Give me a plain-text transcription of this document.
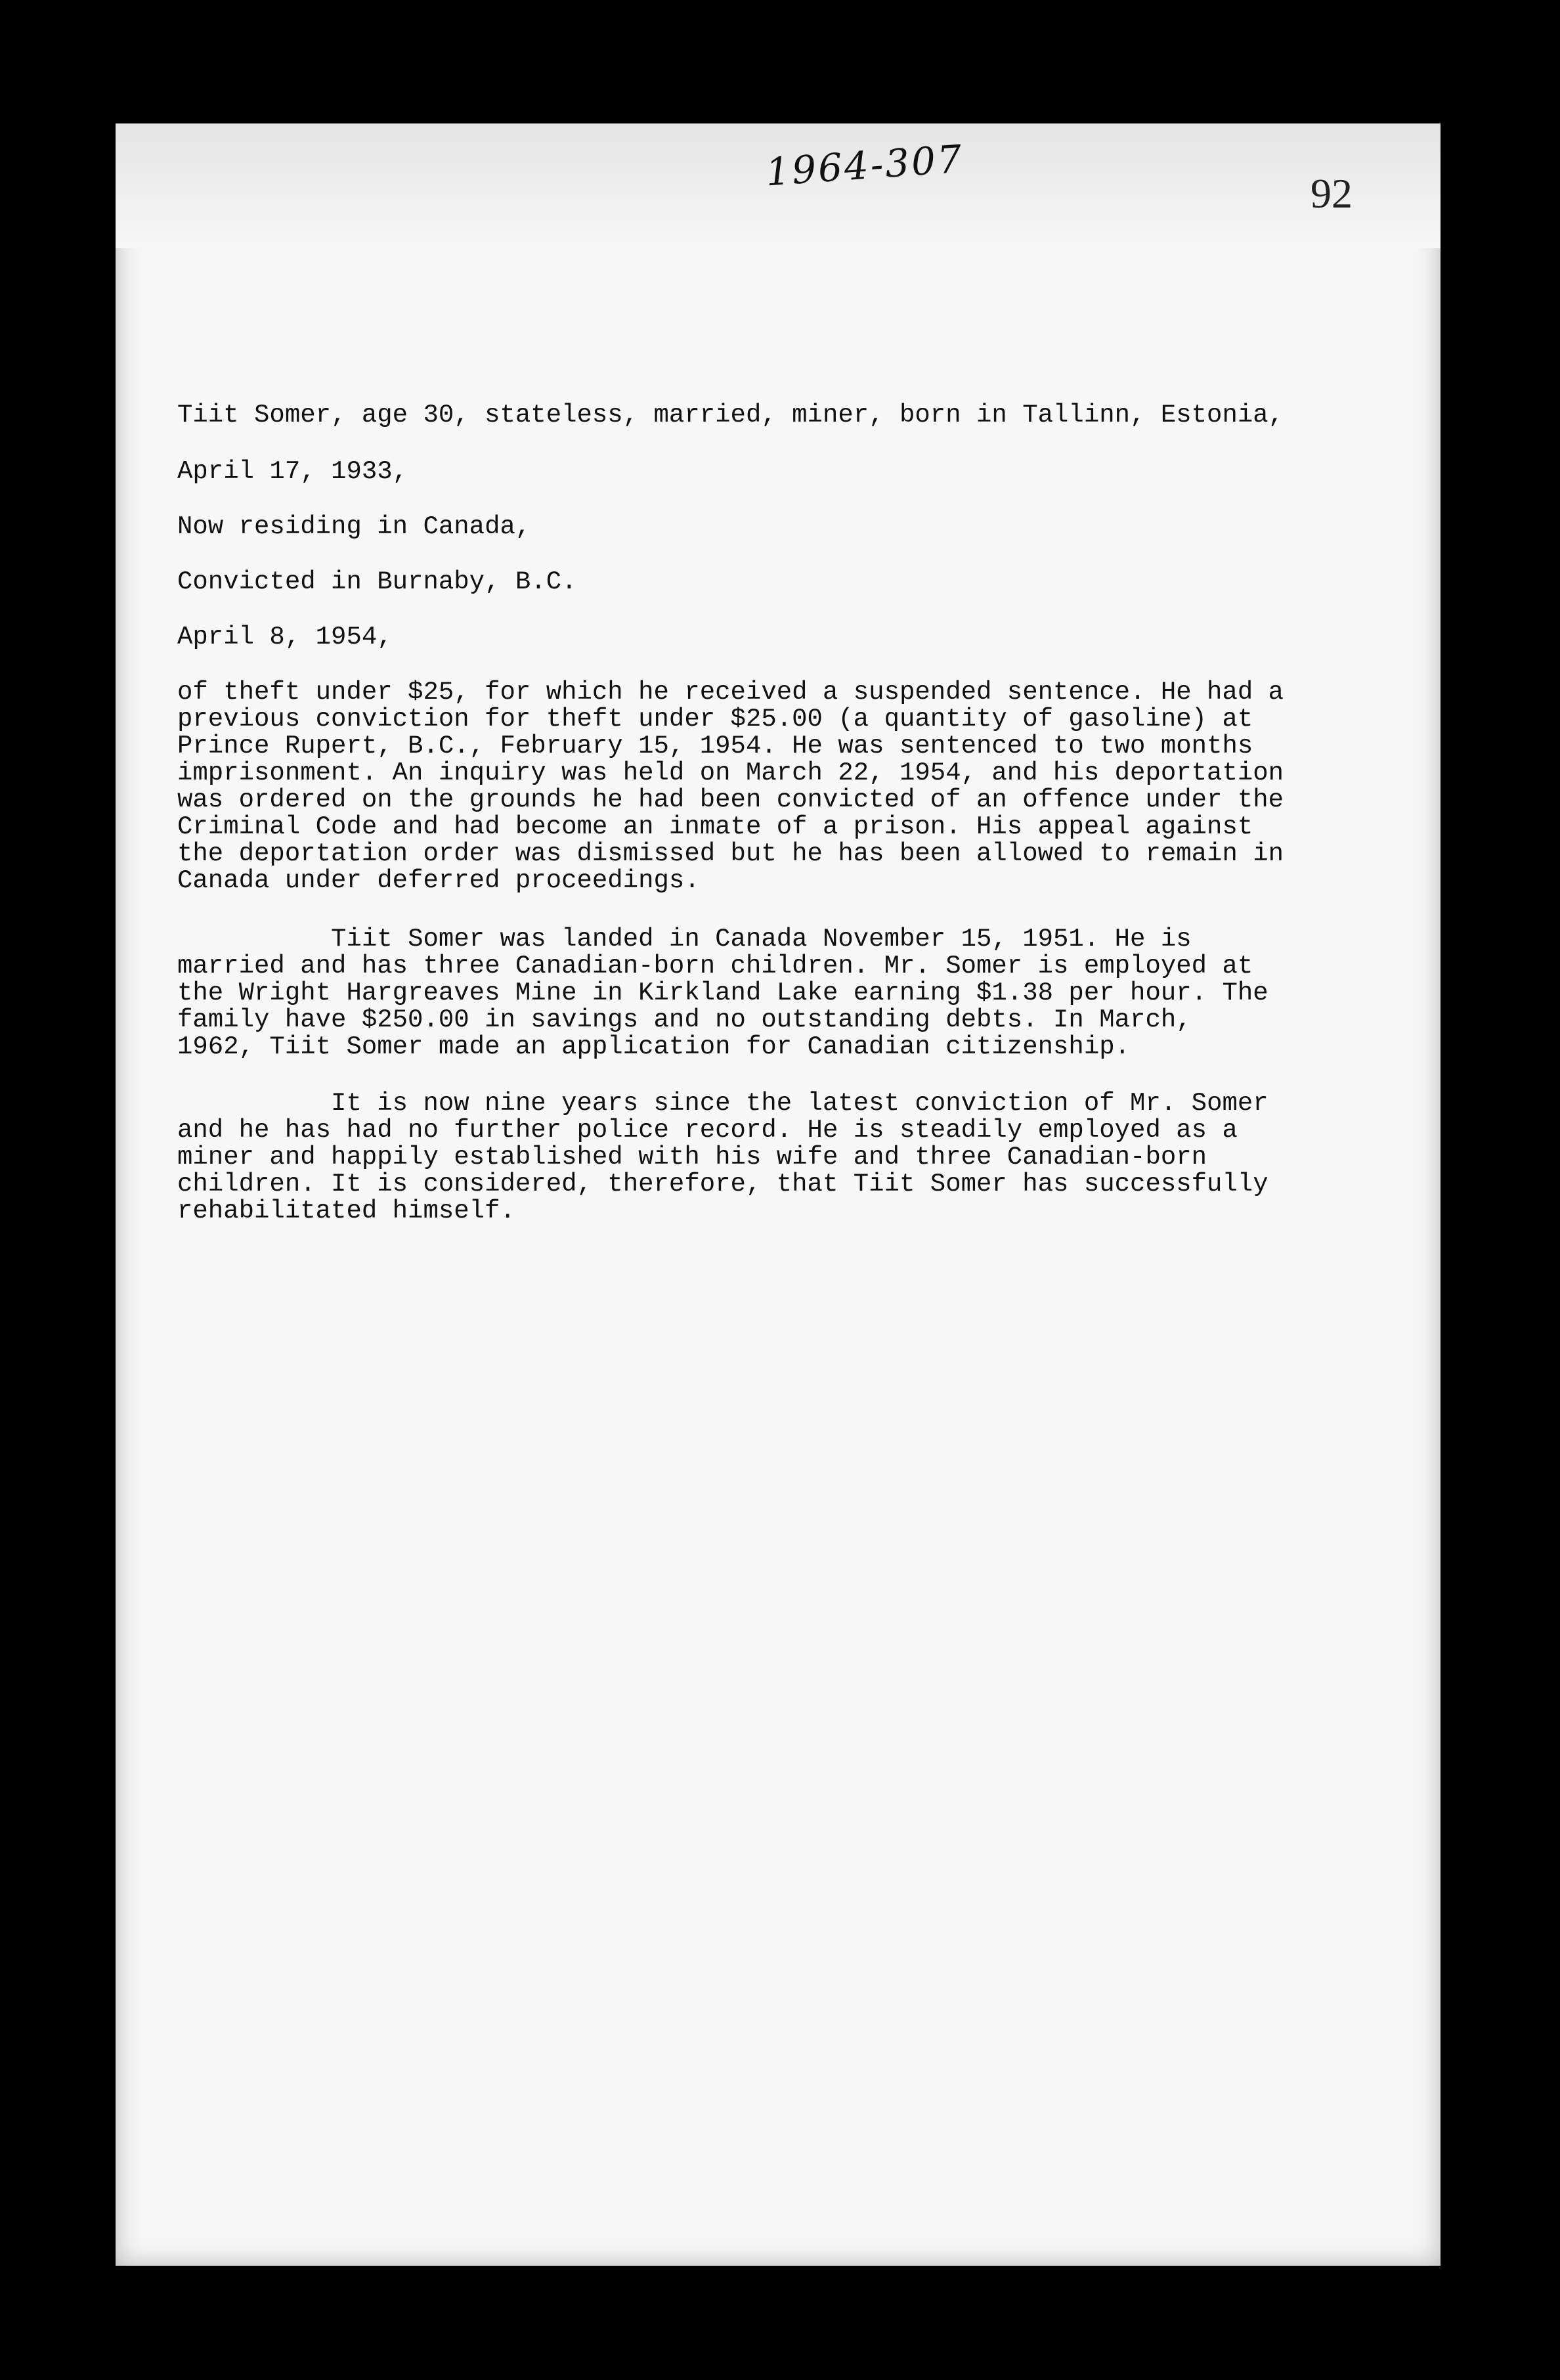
1964-307	92

Tiit Somer, age 30, stateless, married, miner, born in Tallinn, Estonia,

April 17, 1933,

Now residing in Canada,

Convicted in Burnaby, B.C.

April 8, 1954,

of theft under $25, for which he received a suspended sentence. He had a
previous conviction for theft under $25.00 (a quantity of gasoline) at
Prince Rupert, B.C., February 15, 1954. He was sentenced to two months
imprisonment. An inquiry was held on March 22, 1954, and his deportation
was ordered on the grounds he had been convicted of an offence under the
Criminal Code and had become an inmate of a prison. His appeal against
the deportation order was dismissed but he has been allowed to remain in
Canada under deferred proceedings.

Tiit Somer was landed in Canada November 15, 1951. He is
married and has three Canadian-born children. Mr. Somer is employed at
the Wright Hargreaves Mine in Kirkland Lake earning $1.38 per hour. The
family have $250.00 in savings and no outstanding debts. In March,
1962, Tiit Somer made an application for Canadian citizenship.

It is now nine years since the latest conviction of Mr. Somer
and he has had no further police record. He is steadily employed as a
miner and happily established with his wife and three Canadian-born
children. It is considered, therefore, that Tiit Somer has successfully
rehabilitated himself.
